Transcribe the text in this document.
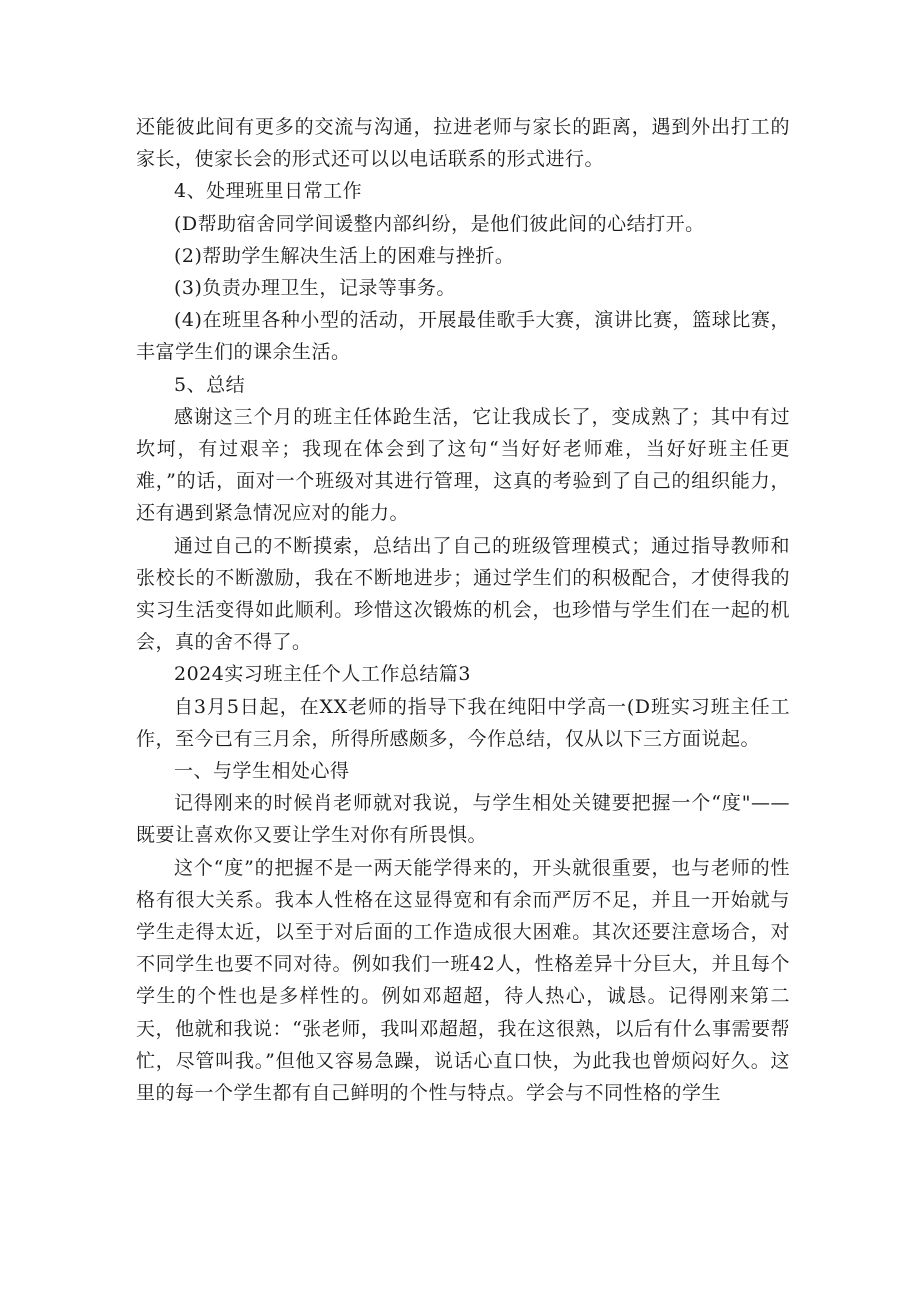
还能彼此间有更多的交流与沟通，拉进老师与家长的距离，遇到外出打工的家长，使家长会的形式还可以以电话联系的形式进行。

4、处理班里日常工作

(D帮助宿舍同学间谖整内部纠纷，是他们彼此间的心结打开。

(2)帮助学生解决生活上的困难与挫折。

(3)负责办理卫生，记录等事务。

(4)在班里各种小型的活动，开展最佳歌手大赛，演讲比赛，篮球比赛，丰富学生们的课余生活。

5、总结

感谢这三个月的班主任体跄生活，它让我成长了，变成熟了；其中有过坎坷，有过艰辛；我现在体会到了这句“当好好老师难，当好好班主任更难，”的话，面对一个班级对其进行管理，这真的考验到了自己的组织能力，还有遇到紧急情况应对的能力。

通过自己的不断摸索，总结出了自己的班级管理模式；通过指导教师和张校长的不断激励，我在不断地进步；通过学生们的积极配合，才使得我的实习生活变得如此顺利。珍惜这次锻炼的机会，也珍惜与学生们在一起的机会，真的舍不得了。

2024实习班主任个人工作总结篇3

自3月5日起，在XX老师的指导下我在纯阳中学高一(D班实习班主任工作，至今已有三月余，所得所感颇多，今作总结，仅从以下三方面说起。

一、与学生相处心得

记得刚来的时候肖老师就对我说，与学生相处关键要把握一个“度"——既要让喜欢你又要让学生对你有所畏惧。

这个“度”的把握不是一两天能学得来的，开头就很重要，也与老师的性格有很大关系。我本人性格在这显得宽和有余而严厉不足，并且一开始就与学生走得太近，以至于对后面的工作造成很大困难。其次还要注意场合，对不同学生也要不同对待。例如我们一班42人，性格差异十分巨大，并且每个学生的个性也是多样性的。例如邓超超，待人热心，诚恳。记得刚来第二天，他就和我说：“张老师，我叫邓超超，我在这很熟，以后有什么事需要帮忙，尽管叫我。”但他又容易急躁，说话心直口快，为此我也曾烦闷好久。这里的每一个学生都有自己鲜明的个性与特点。学会与不同性格的学生
